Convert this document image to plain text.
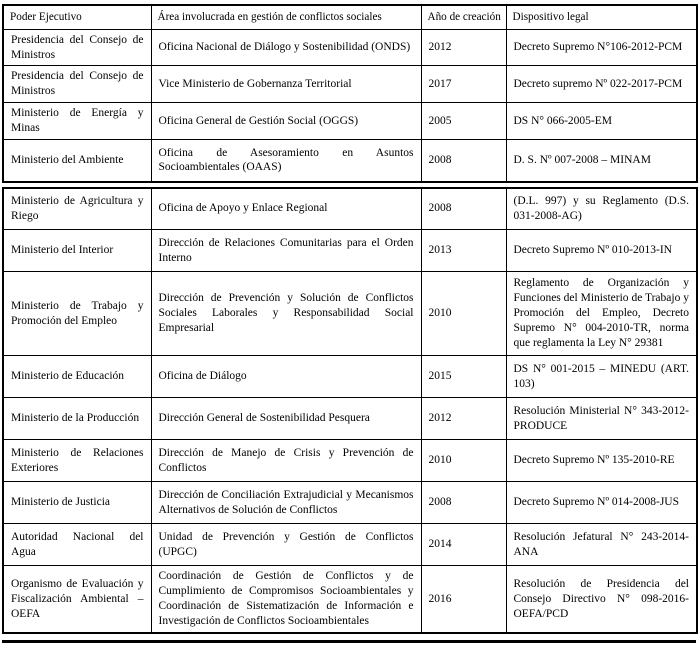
Poder Ejecutivo	Área involucrada en gestión de conflictos sociales	Año de creación	Dispositivo legal
Presidencia del Consejo de Ministros	Oficina Nacional de Diálogo y Sostenibilidad (ONDS)	2012	Decreto Supremo N°106-2012-PCM
Presidencia del Consejo de Ministros	Vice Ministerio de Gobernanza Territorial	2017	Decreto supremo Nº 022-2017-PCM
Ministerio de Energía y Minas	Oficina General de Gestión Social (OGGS)	2005	DS N° 066-2005-EM
Ministerio del Ambiente	Oficina de Asesoramiento en Asuntos Socioambientales (OAAS)	2008	D. S. Nº 007-2008 – MINAM
Ministerio de Agricultura y Riego	Oficina de Apoyo y Enlace Regional	2008	(D.L. 997) y su Reglamento (D.S. 031-2008-AG)
Ministerio del Interior	Dirección de Relaciones Comunitarias para el Orden Interno	2013	Decreto Supremo Nº 010-2013-IN
Ministerio de Trabajo y Promoción del Empleo	Dirección de Prevención y Solución de Conflictos Sociales Laborales y Responsabilidad Social Empresarial	2010	Reglamento de Organización y Funciones del Ministerio de Trabajo y Promoción del Empleo, Decreto Supremo N° 004-2010-TR, norma que reglamenta la Ley N° 29381
Ministerio de Educación	Oficina de Diálogo	2015	DS N° 001-2015 – MINEDU (ART. 103)
Ministerio de la Producción	Dirección General de Sostenibilidad Pesquera	2012	Resolución Ministerial N° 343-2012-PRODUCE
Ministerio de Relaciones Exteriores	Dirección de Manejo de Crisis y Prevención de Conflictos	2010	Decreto Supremo Nº 135-2010-RE
Ministerio de Justicia	Dirección de Conciliación Extrajudicial y Mecanismos Alternativos de Solución de Conflictos	2008	Decreto Supremo Nº 014-2008-JUS
Autoridad Nacional del Agua	Unidad de Prevención y Gestión de Conflictos (UPGC)	2014	Resolución Jefatural N° 243-2014-ANA
Organismo de Evaluación y Fiscalización Ambiental – OEFA	Coordinación de Gestión de Conflictos y de Cumplimiento de Compromisos Socioambientales y Coordinación de Sistematización de Información e Investigación de Conflictos Socioambientales	2016	Resolución de Presidencia del Consejo Directivo N° 098-2016-OEFA/PCD
